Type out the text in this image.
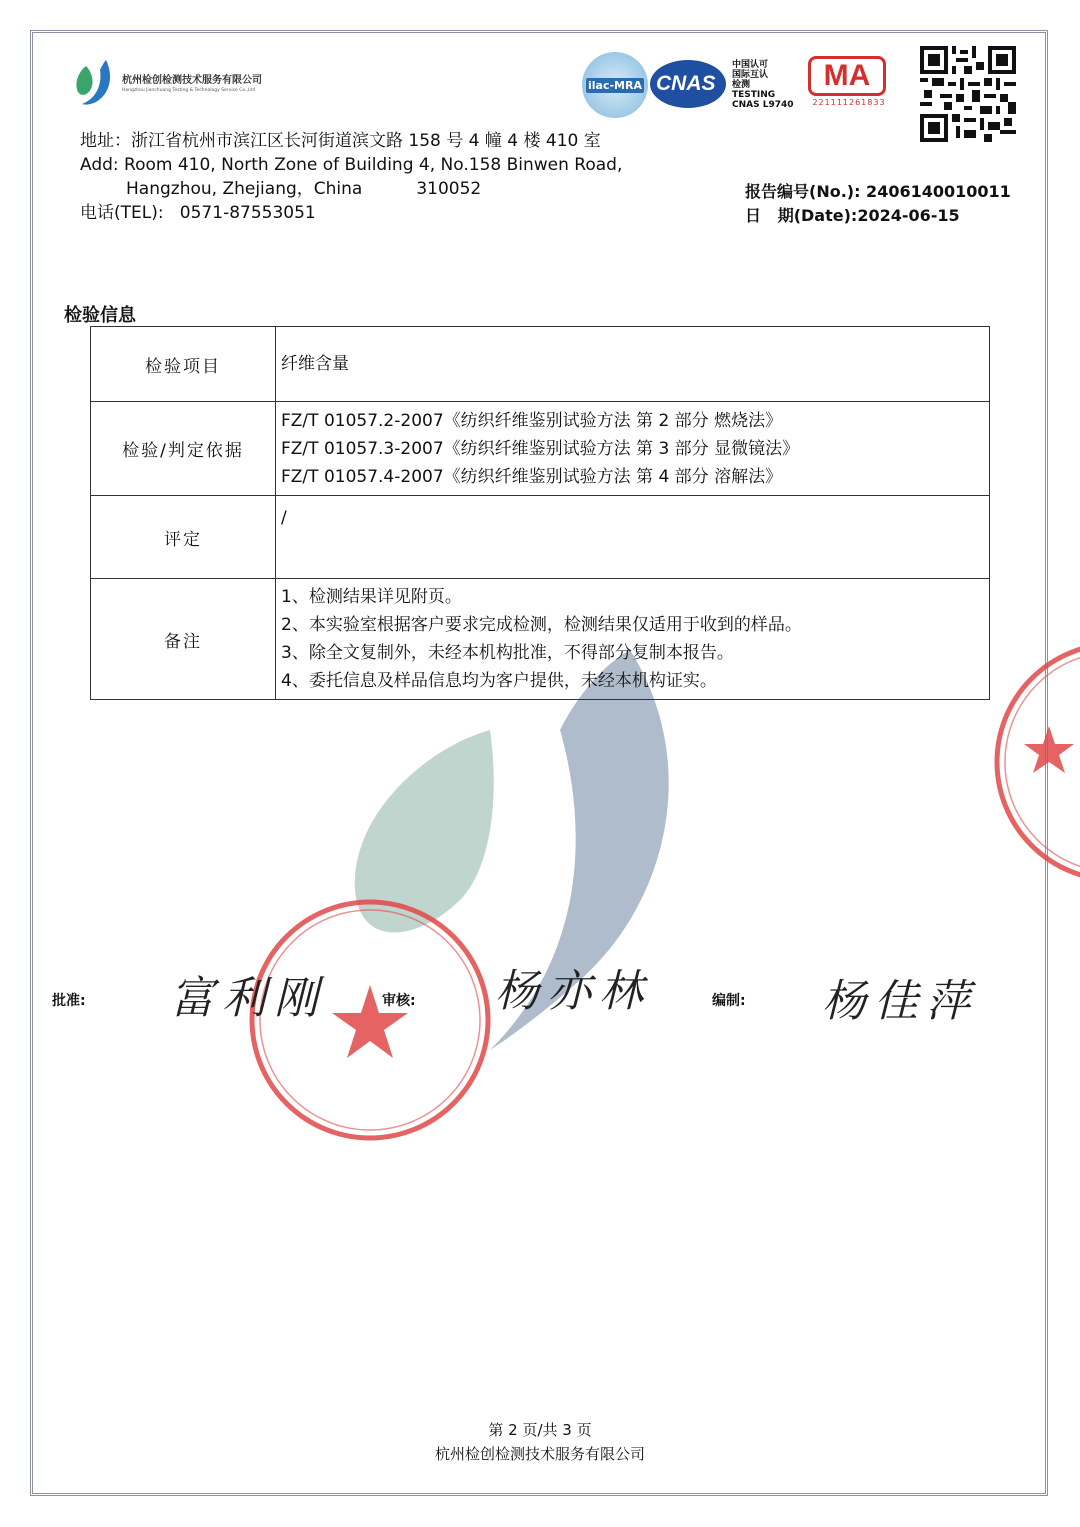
杭州检创检测技术服务有限公司
Hangzhou Jianchuang Testing & Technology Service Co.,Ltd	ilac-MRA CNAS
中国认可
国际互认
检测
TESTING
CNAS L9740
MA
221111261833
地址：浙江省杭州市滨江区长河街道滨文路 158 号 4 幢 4 楼 410 室
Add: Room 410, North Zone of Building 4, No.158 Binwen Road,
Hangzhou, Zhejiang，China          310052
电话(TEL):   0571-87553051
报告编号(No.): 2406140010011
日   期(Date):2024-06-15
检验信息
检验项目	纤维含量

检验/判定依据	FZ/T 01057.2-2007《纺织纤维鉴别试验方法 第 2 部分 燃烧法》
FZ/T 01057.3-2007《纺织纤维鉴别试验方法 第 3 部分 显微镜法》
FZ/T 01057.4-2007《纺织纤维鉴别试验方法 第 4 部分 溶解法》

评定	/

备注	1、检测结果详见附页。
2、本实验室根据客户要求完成检测，检测结果仅适用于收到的样品。
3、除全文复制外，未经本机构批准，不得部分复制本报告。
4、委托信息及样品信息均为客户提供，未经本机构证实。
批准: 富利刚	审核: 杨亦林	编制: 杨佳萍
第 2 页/共 3 页
杭州检创检测技术服务有限公司
